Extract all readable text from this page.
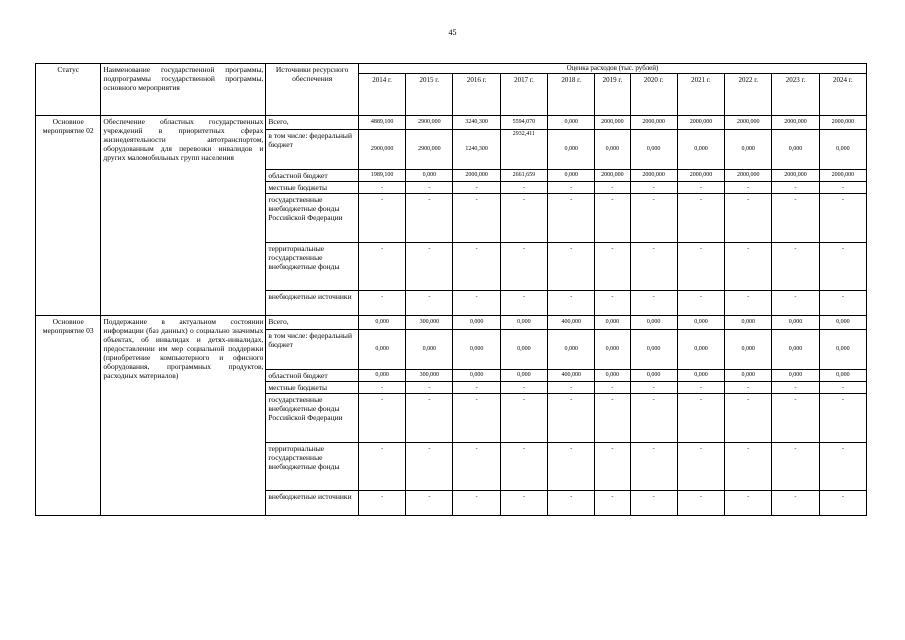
45
Статус	Наименование государственной программы, подпрограммы государственной программы, основного мероприятия	Источники ресурсного обеспечения	Оценка расходов (тыс. рублей)										
			2014 г.	2015 г.	2016 г.	2017 г.	2018 г.	2019 г.	2020 г.	2021 г.	2022 г.	2023 г.	2024 г.
Основное мероприятие 02	Обеспечение областных государственных учреждений в приоритетных сферах жизнедеятельности автотранспортом, оборудованным для перевозки инвалидов и других маломобильных групп населения	Всего,	4889,100	2900,000	3240,300	5594,070	0,000	2000,000	2000,000	2000,000	2000,000	2000,000	2000,000
		в том числе: федеральный бюджет	2900,000	2900,000	1240,300	2932,411	0,000	0,000	0,000	0,000	0,000	0,000	0,000
		областной бюджет	1989,100	0,000	2000,000	2661,659	0,000	2000,000	2000,000	2000,000	2000,000	2000,000	2000,000
		местные бюджеты	-	-	-	-	-	-	-	-	-	-	-
		государственные внебюджетные фонды Российской Федерации	-	-	-	-	-	-	-	-	-	-	-
		территориальные государственные внебюджетные фонды	-	-	-	-	-	-	-	-	-	-	-
		внебюджетные источники	-	-	-	-	-	-	-	-	-	-	-
Основное мероприятие 03	Поддержание в актуальном состоянии информации (баз данных) о социально значимых объектах, об инвалидах и детях-инвалидах, предоставлении им мер социальной поддержки (приобретение компьютерного и офисного оборудования, программных продуктов, расходных материалов)	Всего,	0,000	300,000	0,000	0,000	400,000	0,000	0,000	0,000	0,000	0,000	0,000
		в том числе: федеральный бюджет	0,000	0,000	0,000	0,000	0,000	0,000	0,000	0,000	0,000	0,000	0,000
		областной бюджет	0,000	300,000	0,000	0,000	400,000	0,000	0,000	0,000	0,000	0,000	0,000
		местные бюджеты	-	-	-	-	-	-	-	-	-	-	-
		государственные внебюджетные фонды Российской Федерации	-	-	-	-	-	-	-	-	-	-	-
		территориальные государственные внебюджетные фонды	-	-	-	-	-	-	-	-	-	-	-
		внебюджетные источники	-	-	-	-	-	-	-	-	-	-	-
